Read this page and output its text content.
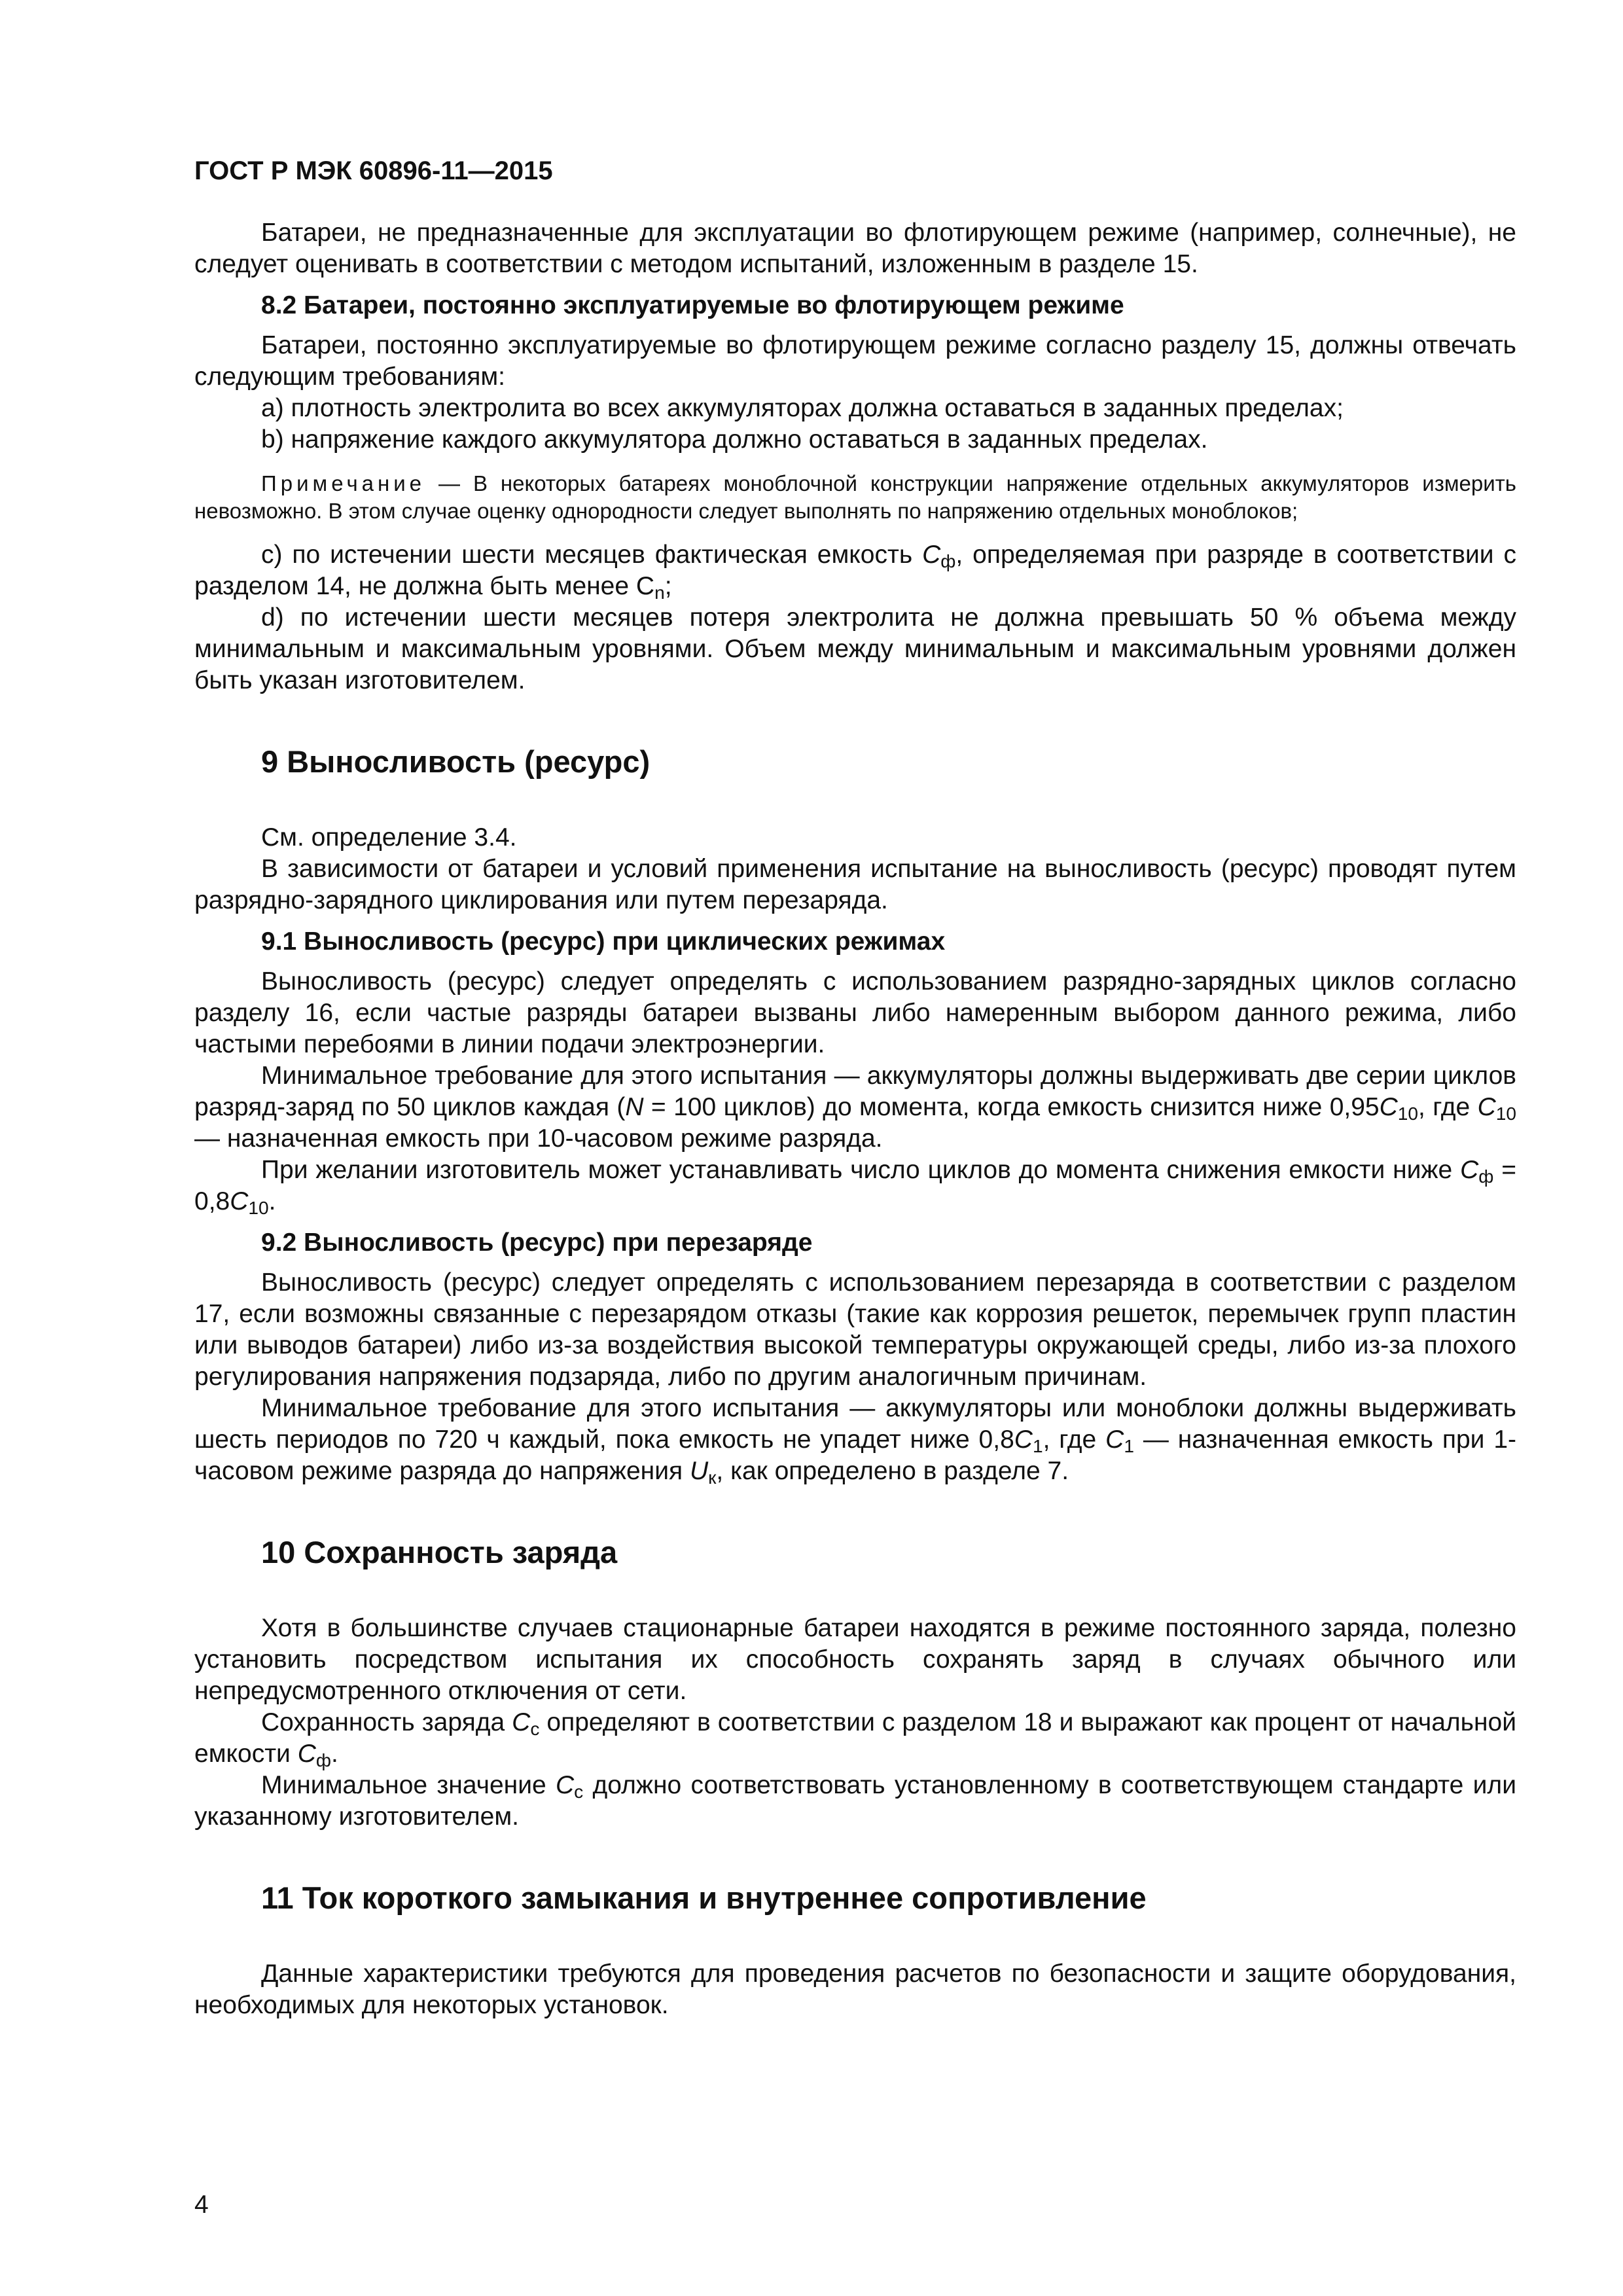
ГОСТ Р МЭК 60896-11—2015

Батареи, не предназначенные для эксплуатации во флотирующем режиме (например, солнечные), не следует оценивать в соответствии с методом испытаний, изложенным в разделе 15.

8.2 Батареи, постоянно эксплуатируемые во флотирующем режиме

Батареи, постоянно эксплуатируемые во флотирующем режиме согласно разделу 15, должны отвечать следующим требованиям:

a) плотность электролита во всех аккумуляторах должна оставаться в заданных пределах;

b) напряжение каждого аккумулятора должно оставаться в заданных пределах.

Примечание — В некоторых батареях моноблочной конструкции напряжение отдельных аккумуляторов измерить невозможно. В этом случае оценку однородности следует выполнять по напряжению отдельных моноблоков;

c) по истечении шести месяцев фактическая емкость $C_ф$, определяемая при разряде в соответствии с разделом 14, не должна быть менее $C_n$;

d) по истечении шести месяцев потеря электролита не должна превышать 50 % объема между минимальным и максимальным уровнями. Объем между минимальным и максимальным уровнями должен быть указан изготовителем.

9 Выносливость (ресурс)

См. определение 3.4.

В зависимости от батареи и условий применения испытание на выносливость (ресурс) проводят путем разрядно-зарядного циклирования или путем перезаряда.

9.1 Выносливость (ресурс) при циклических режимах

Выносливость (ресурс) следует определять с использованием разрядно-зарядных циклов согласно разделу 16, если частые разряды батареи вызваны либо намеренным выбором данного режима, либо частыми перебоями в линии подачи электроэнергии.

Минимальное требование для этого испытания — аккумуляторы должны выдерживать две серии циклов разряд-заряд по 50 циклов каждая (N = 100 циклов) до момента, когда емкость снизится ниже $0,95C_{10}$, где $C_{10}$ — назначенная емкость при 10-часовом режиме разряда.

При желании изготовитель может устанавливать число циклов до момента снижения емкости ниже $C_ф = 0,8C_{10}$.

9.2 Выносливость (ресурс) при перезаряде

Выносливость (ресурс) следует определять с использованием перезаряда в соответствии с разделом 17, если возможны связанные с перезарядом отказы (такие как коррозия решеток, перемычек групп пластин или выводов батареи) либо из-за воздействия высокой температуры окружающей среды, либо из-за плохого регулирования напряжения подзаряда, либо по другим аналогичным причинам.

Минимальное требование для этого испытания — аккумуляторы или моноблоки должны выдерживать шесть периодов по 720 ч каждый, пока емкость не упадет ниже $0,8C_1$, где $C_1$ — назначенная емкость при 1-часовом режиме разряда до напряжения $U_к$, как определено в разделе 7.

10 Сохранность заряда

Хотя в большинстве случаев стационарные батареи находятся в режиме постоянного заряда, полезно установить посредством испытания их способность сохранять заряд в случаях обычного или непредусмотренного отключения от сети.

Сохранность заряда $C_с$ определяют в соответствии с разделом 18 и выражают как процент от начальной емкости $C_ф$.

Минимальное значение $C_с$ должно соответствовать установленному в соответствующем стандарте или указанному изготовителем.

11 Ток короткого замыкания и внутреннее сопротивление

Данные характеристики требуются для проведения расчетов по безопасности и защите оборудования, необходимых для некоторых установок.

4
